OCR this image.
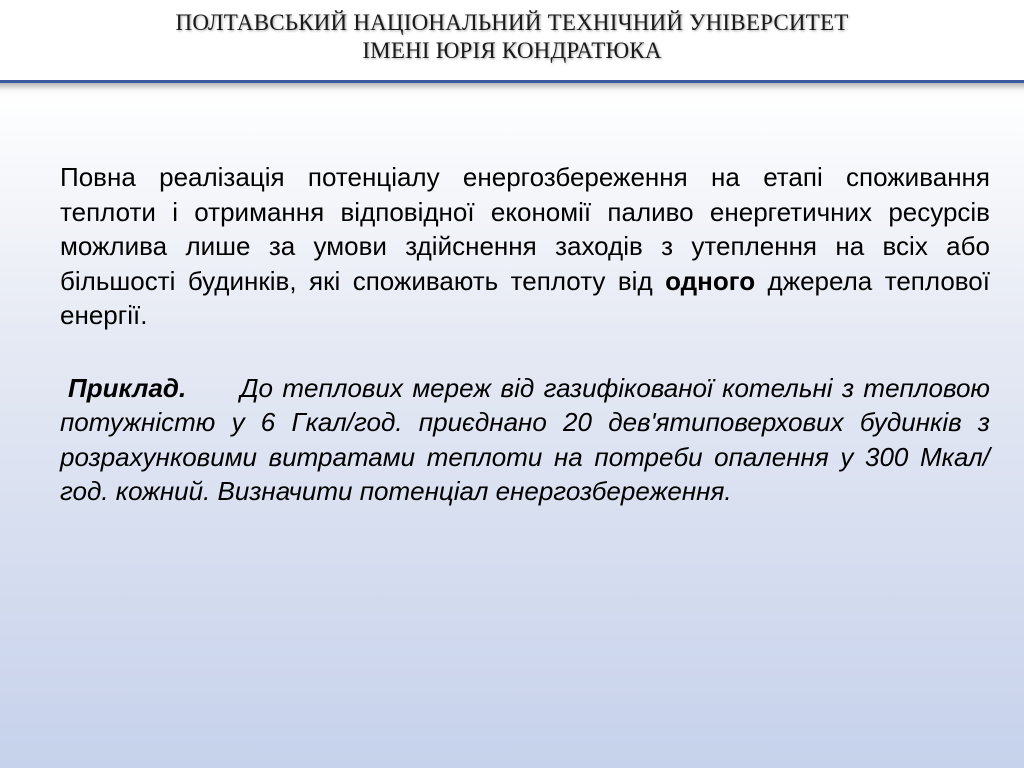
ПОЛТАВСЬКИЙ НАЦІОНАЛЬНИЙ ТЕХНІЧНИЙ УНІВЕРСИТЕТ

ІМЕНІ ЮРІЯ КОНДРАТЮКА

Повна реалізація потенціалу енергозбереження на етапі споживання теплоти і отримання відповідної економії паливо енергетичних ресурсів можлива лише за умови здійснення заходів з утеплення на всіх або більшості будинків, які споживають теплоту від одного джерела теплової енергії.

Приклад. До теплових мереж від газифікованої котельні з тепловою потужністю у 6 Гкал/год. приєднано 20 дев'ятиповерхових будинків з розрахунковими витратами теплоти на потреби опалення у 300 Мкал/год. кожний. Визначити потенціал енергозбереження.
